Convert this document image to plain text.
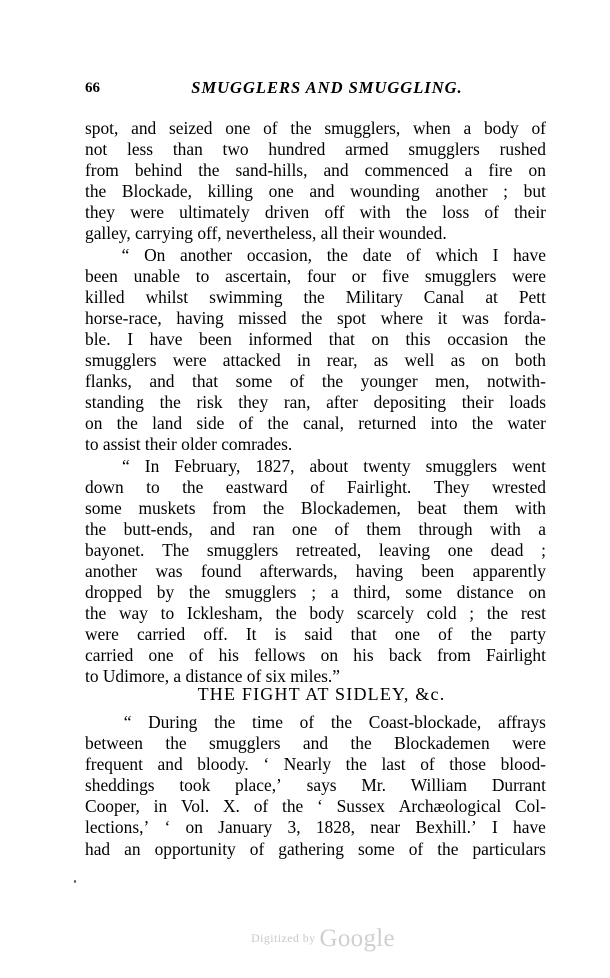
66	SMUGGLERS AND SMUGGLING.
spot, and seized one of the smugglers, when a body of
not less than two hundred armed smugglers rushed
from behind the sand-hills, and commenced a fire on
the Blockade, killing one and wounding another ; but
they were ultimately driven off with the loss of their
galley, carrying off, nevertheless, all their wounded.
“ On another occasion, the date of which I have
been unable to ascertain, four or five smugglers were
killed whilst swimming the Military Canal at Pett
horse-race, having missed the spot where it was forda-
ble. I have been informed that on this occasion the
smugglers were attacked in rear, as well as on both
flanks, and that some of the younger men, notwith-
standing the risk they ran, after depositing their loads
on the land side of the canal, returned into the water
to assist their older comrades.
“ In February, 1827, about twenty smugglers went
down to the eastward of Fairlight. They wrested
some muskets from the Blockademen, beat them with
the butt-ends, and ran one of them through with a
bayonet. The smugglers retreated, leaving one dead ;
another was found afterwards, having been apparently
dropped by the smugglers ; a third, some distance on
the way to Icklesham, the body scarcely cold ; the rest
were carried off. It is said that one of the party
carried one of his fellows on his back from Fairlight
to Udimore, a distance of six miles.”
THE FIGHT AT SIDLEY, &c.
“ During the time of the Coast-blockade, affrays
between the smugglers and the Blockademen were
frequent and bloody. ‘ Nearly the last of those blood-
sheddings took place,’ says Mr. William Durrant
Cooper, in Vol. X. of the ‘ Sussex Archæological Col-
lections,’ ‘ on January 3, 1828, near Bexhill.’ I have
had an opportunity of gathering some of the particulars
$^{Digitized by}$ Google
